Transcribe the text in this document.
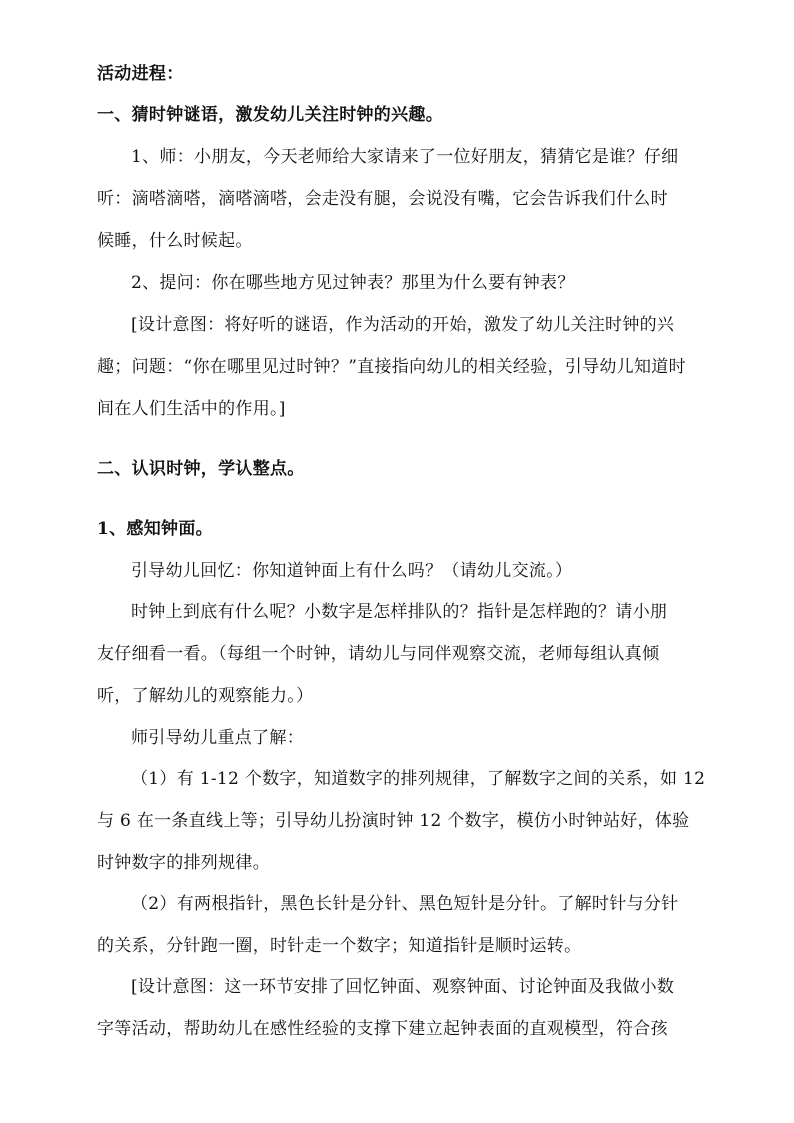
活动进程：
一、猜时钟谜语，激发幼儿关注时钟的兴趣。
1、师：小朋友，今天老师给大家请来了一位好朋友，猜猜它是谁？仔细
听：滴嗒滴嗒，滴嗒滴嗒，会走没有腿，会说没有嘴，它会告诉我们什么时
候睡，什么时候起。
2、提问：你在哪些地方见过钟表？那里为什么要有钟表？
[设计意图：将好听的谜语，作为活动的开始，激发了幼儿关注时钟的兴
趣；问题：“你在哪里见过时钟？”直接指向幼儿的相关经验，引导幼儿知道时
间在人们生活中的作用。]
二、认识时钟，学认整点。
1、感知钟面。
引导幼儿回忆：你知道钟面上有什么吗？（请幼儿交流。）
时钟上到底有什么呢？小数字是怎样排队的？指针是怎样跑的？请小朋
友仔细看一看。（每组一个时钟，请幼儿与同伴观察交流，老师每组认真倾
听，了解幼儿的观察能力。）
师引导幼儿重点了解：
（1）有 1-12 个数字，知道数字的排列规律，了解数字之间的关系，如 12
与 6 在一条直线上等；引导幼儿扮演时钟 12 个数字，模仿小时钟站好，体验
时钟数字的排列规律。
（2）有两根指针，黑色长针是分针、黑色短针是分针。了解时针与分针
的关系，分针跑一圈，时针走一个数字；知道指针是顺时运转。
[设计意图：这一环节安排了回忆钟面、观察钟面、讨论钟面及我做小数
字等活动，帮助幼儿在感性经验的支撑下建立起钟表面的直观模型，符合孩
